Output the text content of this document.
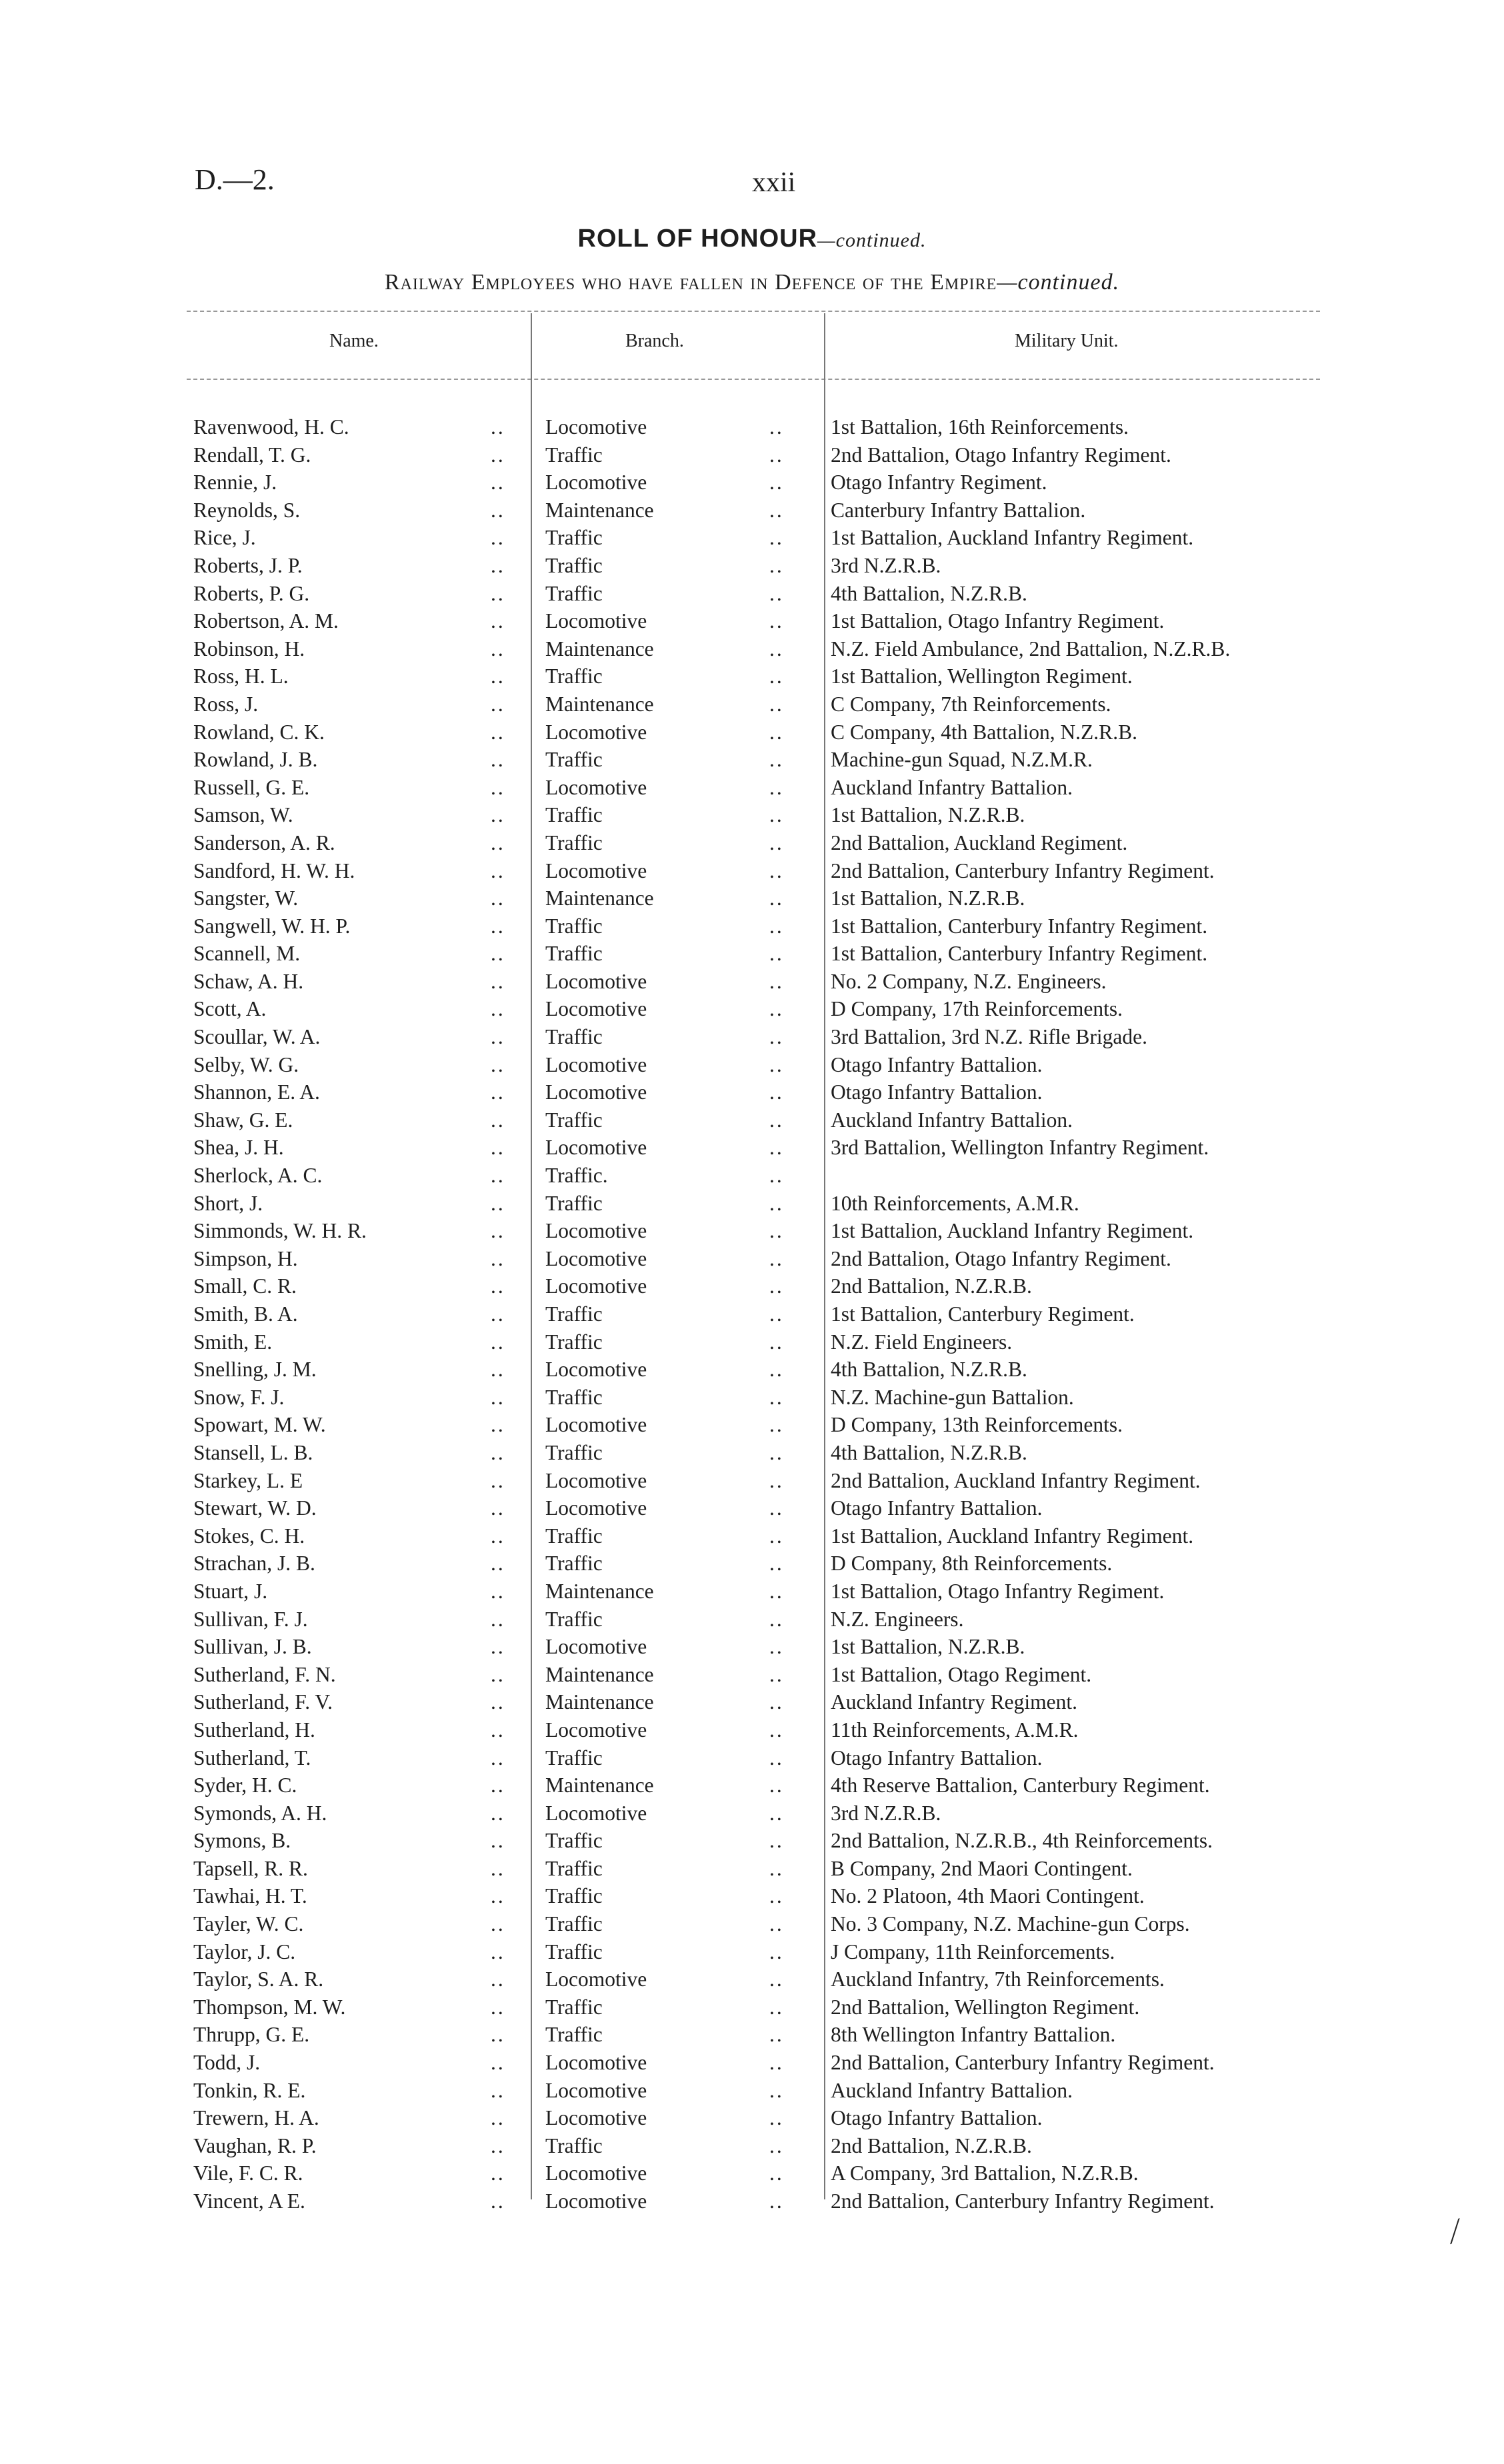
D.—2.	xxii
ROLL OF HONOUR—continued.
Railway Employees who have fallen in Defence of the Empire—continued.
Name.	Branch.	Military Unit.
Ravenwood, H. C.	.. Locomotive	.. 1st Battalion, 16th Reinforcements.
Rendall, T. G.	.. Traffic	.. 2nd Battalion, Otago Infantry Regiment.
Rennie, J.	.. Locomotive	.. Otago Infantry Regiment.
Reynolds, S.	.. Maintenance	.. Canterbury Infantry Battalion.
Rice, J.	.. Traffic	.. 1st Battalion, Auckland Infantry Regiment.
Roberts, J. P.	.. Traffic	.. 3rd N.Z.R.B.
Roberts, P. G.	.. Traffic	.. 4th Battalion, N.Z.R.B.
Robertson, A. M.	.. Locomotive	.. 1st Battalion, Otago Infantry Regiment.
Robinson, H.	.. Maintenance	.. N.Z. Field Ambulance, 2nd Battalion, N.Z.R.B.
Ross, H. L.	.. Traffic	.. 1st Battalion, Wellington Regiment.
Ross, J.	.. Maintenance	.. C Company, 7th Reinforcements.
Rowland, C. K.	.. Locomotive	.. C Company, 4th Battalion, N.Z.R.B.
Rowland, J. B.	.. Traffic	.. Machine-gun Squad, N.Z.M.R.
Russell, G. E.	.. Locomotive	.. Auckland Infantry Battalion.
Samson, W.	.. Traffic	.. 1st Battalion, N.Z.R.B.
Sanderson, A. R.	.. Traffic	.. 2nd Battalion, Auckland Regiment.
Sandford, H. W. H.	.. Locomotive	.. 2nd Battalion, Canterbury Infantry Regiment.
Sangster, W.	.. Maintenance	.. 1st Battalion, N.Z.R.B.
Sangwell, W. H. P.	.. Traffic	.. 1st Battalion, Canterbury Infantry Regiment.
Scannell, M.	.. Traffic	.. 1st Battalion, Canterbury Infantry Regiment.
Schaw, A. H.	.. Locomotive	.. No. 2 Company, N.Z. Engineers.
Scott, A.	.. Locomotive	.. D Company, 17th Reinforcements.
Scoullar, W. A.	.. Traffic	.. 3rd Battalion, 3rd N.Z. Rifle Brigade.
Selby, W. G.	.. Locomotive	.. Otago Infantry Battalion.
Shannon, E. A.	.. Locomotive	.. Otago Infantry Battalion.
Shaw, G. E.	.. Traffic	.. Auckland Infantry Battalion.
Shea, J. H.	.. Locomotive	.. 3rd Battalion, Wellington Infantry Regiment.
Sherlock, A. C.	.. Traffic.	..
Short, J.	.. Traffic	.. 10th Reinforcements, A.M.R.
Simmonds, W. H. R.	.. Locomotive	.. 1st Battalion, Auckland Infantry Regiment.
Simpson, H.	.. Locomotive	.. 2nd Battalion, Otago Infantry Regiment.
Small, C. R.	.. Locomotive	.. 2nd Battalion, N.Z.R.B.
Smith, B. A.	.. Traffic	.. 1st Battalion, Canterbury Regiment.
Smith, E.	.. Traffic	.. N.Z. Field Engineers.
Snelling, J. M.	.. Locomotive	.. 4th Battalion, N.Z.R.B.
Snow, F. J.	.. Traffic	.. N.Z. Machine-gun Battalion.
Spowart, M. W.	.. Locomotive	.. D Company, 13th Reinforcements.
Stansell, L. B.	.. Traffic	.. 4th Battalion, N.Z.R.B.
Starkey, L. E	.. Locomotive	.. 2nd Battalion, Auckland Infantry Regiment.
Stewart, W. D.	.. Locomotive	.. Otago Infantry Battalion.
Stokes, C. H.	.. Traffic	.. 1st Battalion, Auckland Infantry Regiment.
Strachan, J. B.	.. Traffic	.. D Company, 8th Reinforcements.
Stuart, J.	.. Maintenance	.. 1st Battalion, Otago Infantry Regiment.
Sullivan, F. J.	.. Traffic	.. N.Z. Engineers.
Sullivan, J. B.	.. Locomotive	.. 1st Battalion, N.Z.R.B.
Sutherland, F. N.	.. Maintenance	.. 1st Battalion, Otago Regiment.
Sutherland, F. V.	.. Maintenance	.. Auckland Infantry Regiment.
Sutherland, H.	.. Locomotive	.. 11th Reinforcements, A.M.R.
Sutherland, T.	.. Traffic	.. Otago Infantry Battalion.
Syder, H. C.	.. Maintenance	.. 4th Reserve Battalion, Canterbury Regiment.
Symonds, A. H.	.. Locomotive	.. 3rd N.Z.R.B.
Symons, B.	.. Traffic	.. 2nd Battalion, N.Z.R.B., 4th Reinforcements.
Tapsell, R. R.	.. Traffic	.. B Company, 2nd Maori Contingent.
Tawhai, H. T.	.. Traffic	.. No. 2 Platoon, 4th Maori Contingent.
Tayler, W. C.	.. Traffic	.. No. 3 Company, N.Z. Machine-gun Corps.
Taylor, J. C.	.. Traffic	.. J Company, 11th Reinforcements.
Taylor, S. A. R.	.. Locomotive	.. Auckland Infantry, 7th Reinforcements.
Thompson, M. W.	.. Traffic	.. 2nd Battalion, Wellington Regiment.
Thrupp, G. E.	.. Traffic	.. 8th Wellington Infantry Battalion.
Todd, J.	.. Locomotive	.. 2nd Battalion, Canterbury Infantry Regiment.
Tonkin, R. E.	.. Locomotive	.. Auckland Infantry Battalion.
Trewern, H. A.	.. Locomotive	.. Otago Infantry Battalion.
Vaughan, R. P.	.. Traffic	.. 2nd Battalion, N.Z.R.B.
Vile, F. C. R.	.. Locomotive	.. A Company, 3rd Battalion, N.Z.R.B.
Vincent, A E.	.. Locomotive	.. 2nd Battalion, Canterbury Infantry Regiment.
⁄
